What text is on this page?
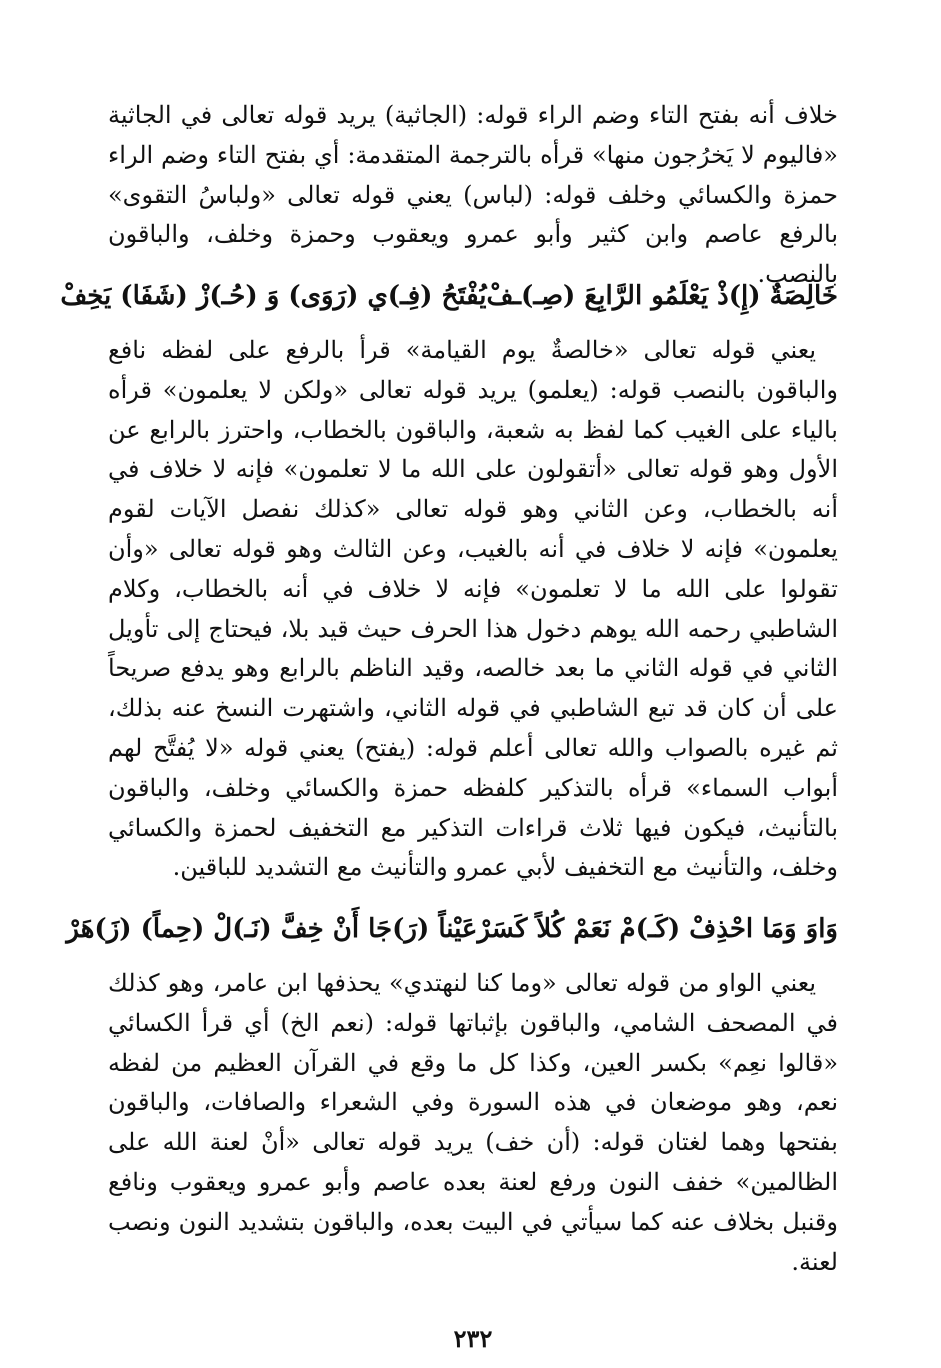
خلاف أنه بفتح التاء وضم الراء قوله: (الجاثية) يريد قوله تعالى في الجاثية «فاليوم لا يَخرُجون منها» قرأه بالترجمة المتقدمة: أي بفتح التاء وضم الراء حمزة والكسائي وخلف قوله: (لباس) يعني قوله تعالى «ولباسُ التقوى» بالرفع عاصم وابن كثير وأبو عمرو ويعقوب وحمزة وخلف، والباقون بالنصب.

خَالِصَةٌ (إِ)ذْ يَعْلَمُو الرَّابِعَ (صِـ)ـفْ
يُفْتَحُ (فِـ)ي (رَوَى) وَ (حُـ)زْ (شَفَا) يَخِفْ

يعني قوله تعالى «خالصةٌ يوم القيامة» قرأ بالرفع على لفظه نافع والباقون بالنصب قوله: (يعلمو) يريد قوله تعالى «ولكن لا يعلمون» قرأه بالياء على الغيب كما لفظ به شعبة، والباقون بالخطاب، واحترز بالرابع عن الأول وهو قوله تعالى «أتقولون على الله ما لا تعلمون» فإنه لا خلاف في أنه بالخطاب، وعن الثاني وهو قوله تعالى «كذلك نفصل الآيات لقوم يعلمون» فإنه لا خلاف في أنه بالغيب، وعن الثالث وهو قوله تعالى «وأن تقولوا على الله ما لا تعلمون» فإنه لا خلاف في أنه بالخطاب، وكلام الشاطبي رحمه الله يوهم دخول هذا الحرف حيث قيد بلا، فيحتاج إلى تأويل الثاني في قوله الثاني ما بعد خالصه، وقيد الناظم بالرابع وهو يدفع صريحاً على أن كان قد تبع الشاطبي في قوله الثاني، واشتهرت النسخ عنه بذلك، ثم غيره بالصواب والله تعالى أعلم قوله: (يفتح) يعني قوله «لا يُفتَّح لهم أبواب السماء» قرأه بالتذكير كلفظه حمزة والكسائي وخلف، والباقون بالتأنيث، فيكون فيها ثلاث قراءات التذكير مع التخفيف لحمزة والكسائي وخلف، والتأنيث مع التخفيف لأبي عمرو والتأنيث مع التشديد للباقين.

وَاوَ وَمَا احْذِفْ (كَـ)مْ نَعَمْ كُلاً كَسَرْ
عَيْناً (رَ)جَا أَنْ خِفَّ (نَـ)لْ (حِماً) (زَ)هَرْ

يعني الواو من قوله تعالى «وما كنا لنهتدي» يحذفها ابن عامر، وهو كذلك في المصحف الشامي، والباقون بإثباتها قوله: (نعم الخ) أي قرأ الكسائي «قالوا نعِم» بكسر العين، وكذا كل ما وقع في القرآن العظيم من لفظه نعم، وهو موضعان في هذه السورة وفي الشعراء والصافات، والباقون بفتحها وهما لغتان قوله: (أن خف) يريد قوله تعالى «أنْ لعنة الله على الظالمين» خفف النون ورفع لعنة بعده عاصم وأبو عمرو ويعقوب ونافع وقنبل بخلاف عنه كما سيأتي في البيت بعده، والباقون بتشديد النون ونصب لعنة.

٢٣٢
